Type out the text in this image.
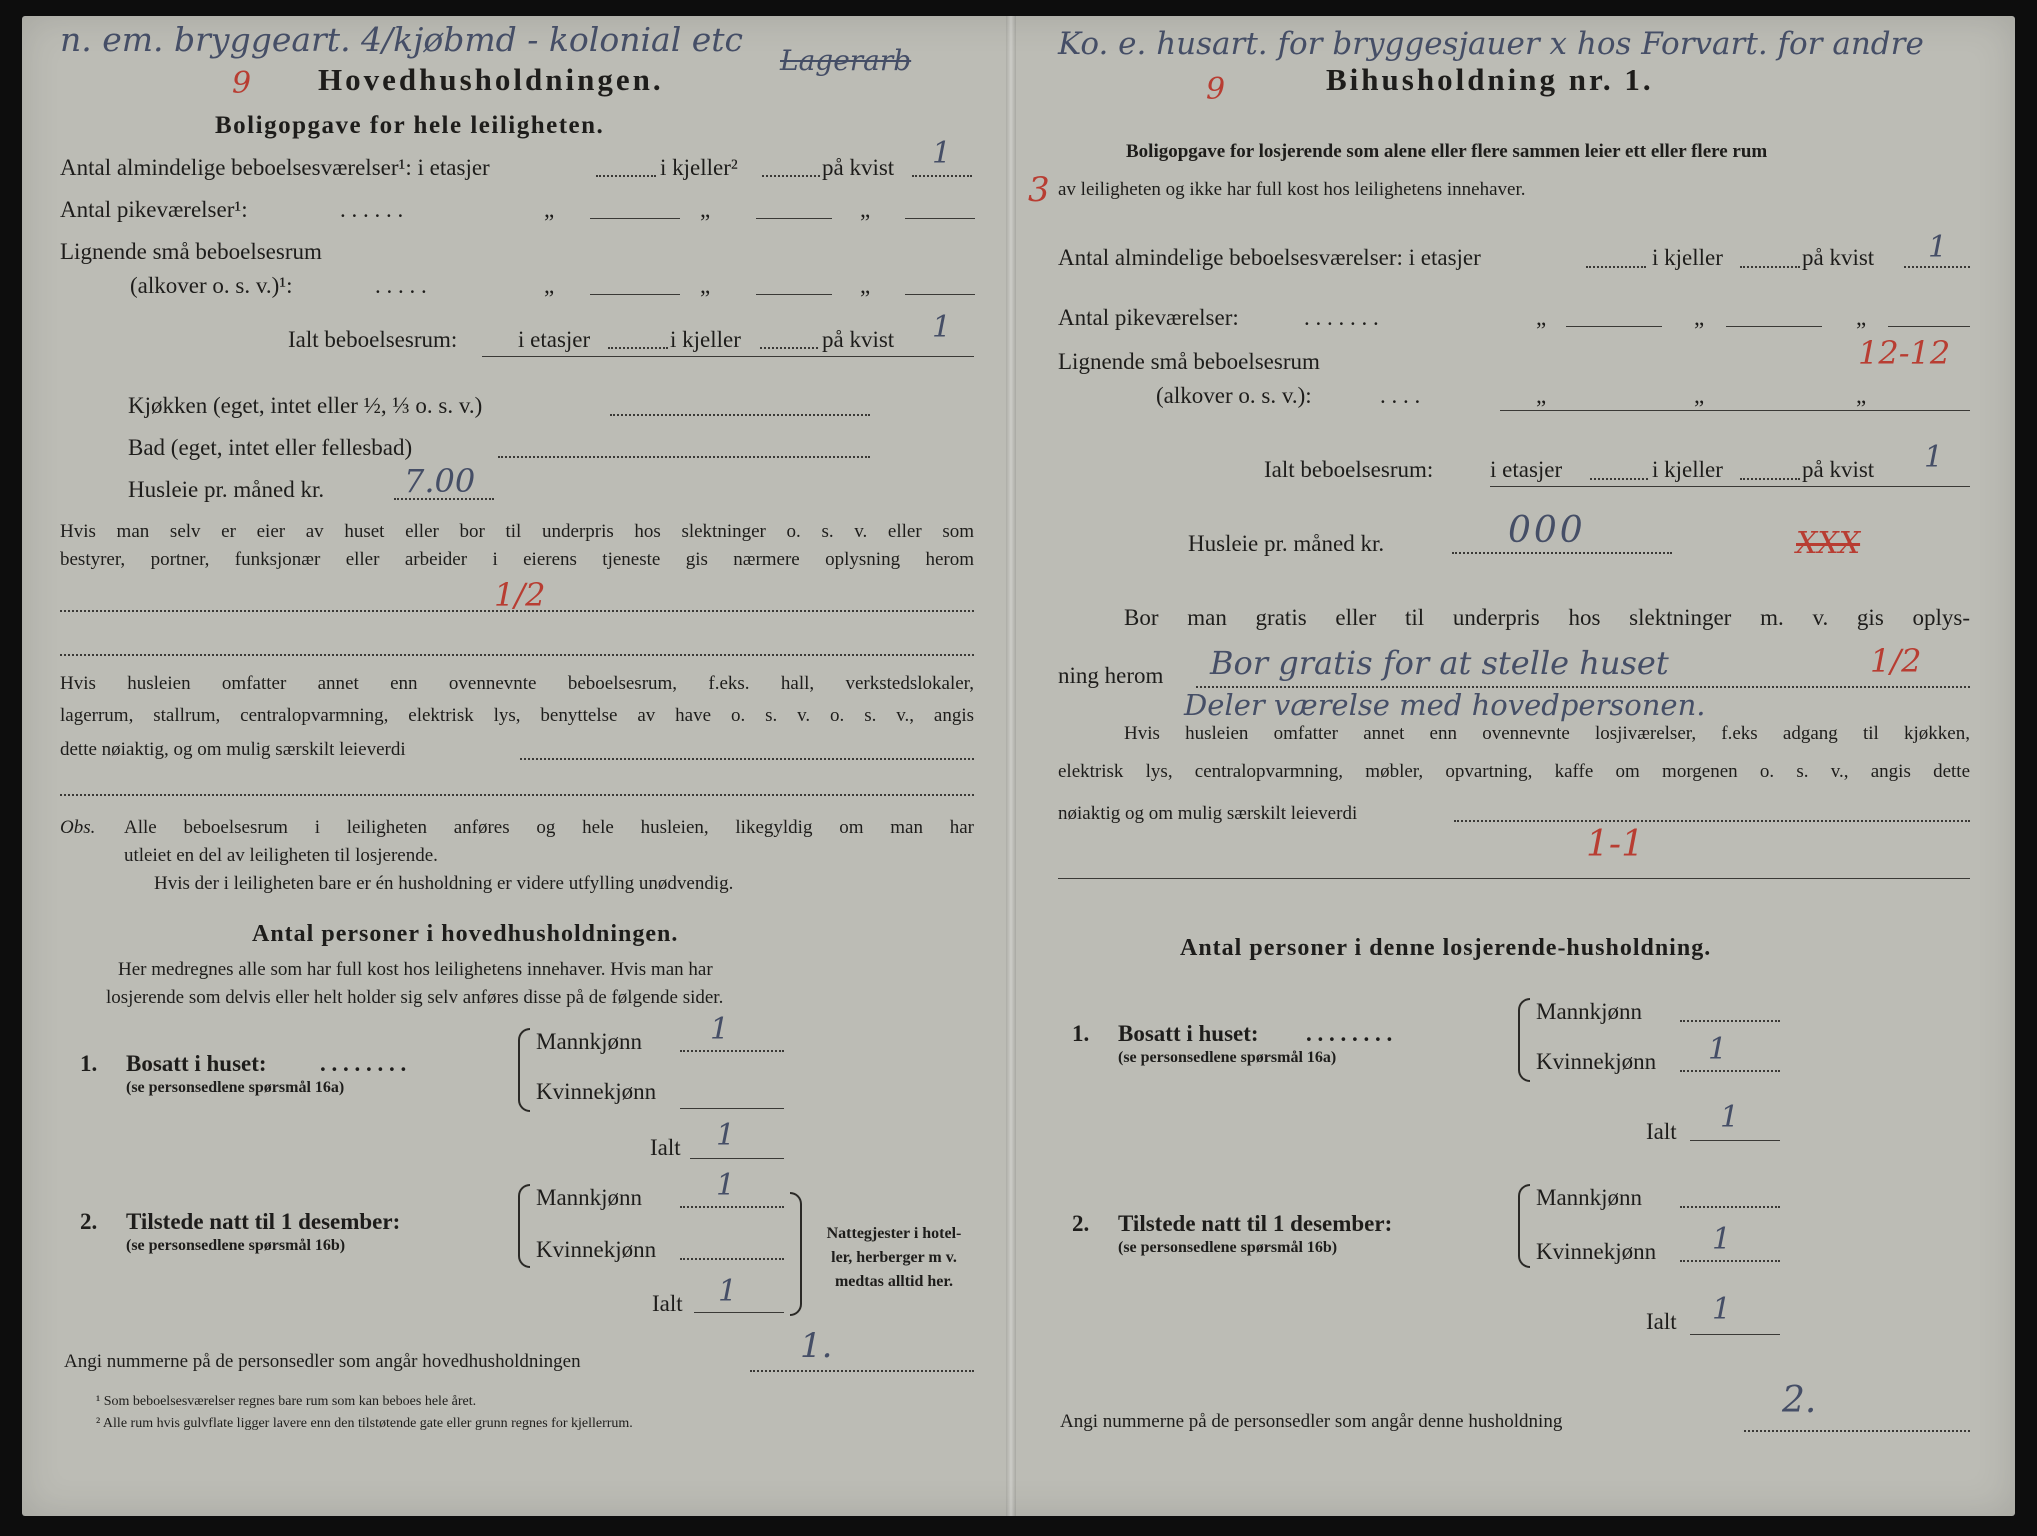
n. em. bryggeart. 4/kjøbmd - kolonial etc
Lagerarb
9 Hovedhusholdningen.
Boligopgave for hele leiligheten.
Antal almindelige beboelsesværelser¹: i etasjer	i kjeller²	på kvist 1
Antal pikeværelser¹:	. . . . . .	„	„	„
Lignende små beboelsesrum
(alkover o. s. v.)¹:	. . . . .	„	„	„
Ialt beboelsesrum:	i etasjer	i kjeller	på kvist 1
Kjøkken (eget, intet eller ½, ⅓ o. s. v.)
Bad (eget, intet eller fellesbad)
Husleie pr. måned kr. 7.00
Hvis man selv er eier av huset eller bor til underpris hos slektninger o. s. v. eller som
bestyrer, portner, funksjonær eller arbeider i eierens tjeneste gis nærmere oplysning herom
1/2
Hvis husleien omfatter annet enn ovennevnte beboelsesrum, f.eks. hall, verkstedslokaler,
lagerrum, stallrum, centralopvarmning, elektrisk lys, benyttelse av have o. s. v. o. s. v., angis
dette nøiaktig, og om mulig særskilt leieverdi
Obs. Alle beboelsesrum i leiligheten anføres og hele husleien, likegyldig om man har
utleiet en del av leiligheten til losjerende.
Hvis der i leiligheten bare er én husholdning er videre utfylling unødvendig.
Antal personer i hovedhusholdningen.
Her medregnes alle som har full kost hos leilighetens innehaver. Hvis man har
losjerende som delvis eller helt holder sig selv anføres disse på de følgende sider.
1. Bosatt i huset: . . . . . . . .
(se personsedlene spørsmål 16a)
Mannkjønn 1
Kvinnekjønn
Ialt 1
2. Tilstede natt til 1 desember:
(se personsedlene spørsmål 16b)
Mannkjønn 1
Kvinnekjønn
Ialt 1
Nattegjester i hotel-
ler, herberger m v.
medtas alltid her.
Angi nummerne på de personsedler som angår hovedhusholdningen	1.
¹ Som beboelsesværelser regnes bare rum som kan beboes hele året.
² Alle rum hvis gulvflate ligger lavere enn den tilstøtende gate eller grunn regnes for kjellerrum.
Ko. e. husart. for bryggesjauer x hos Forvart. for andre
9	Bihusholdning nr. 1.
Boligopgave for losjerende som alene eller flere sammen leier ett eller flere rum
3 av leiligheten og ikke har full kost hos leilighetens innehaver.
Antal almindelige beboelsesværelser: i etasjer	i kjeller	på kvist 1
Antal pikeværelser:	. . . . . . .	„	„	„
Lignende små beboelsesrum	12-12
(alkover o. s. v.):	. . . .	„	„	„
Ialt beboelsesrum: i etasjer	i kjeller	på kvist 1
Husleie pr. måned kr.	000	XXX
Bor man gratis eller til underpris hos slektninger m. v. gis oplys-
ning herom Bor gratis for at stelle huset	1/2
Deler værelse med hovedpersonen.
Hvis husleien omfatter annet enn ovennevnte losjiværelser, f.eks adgang til kjøkken,
elektrisk lys, centralopvarmning, møbler, opvartning, kaffe om morgenen o. s. v., angis dette
nøiaktig og om mulig særskilt leieverdi
1-1
Antal personer i denne losjerende-husholdning.
1. Bosatt i huset: . . . . . . . .
(se personsedlene spørsmål 16a)
Mannkjønn
Kvinnekjønn 1
Ialt 1
2. Tilstede natt til 1 desember:
(se personsedlene spørsmål 16b)
Mannkjønn
Kvinnekjønn 1
Ialt 1
Angi nummerne på de personsedler som angår denne husholdning
2.
